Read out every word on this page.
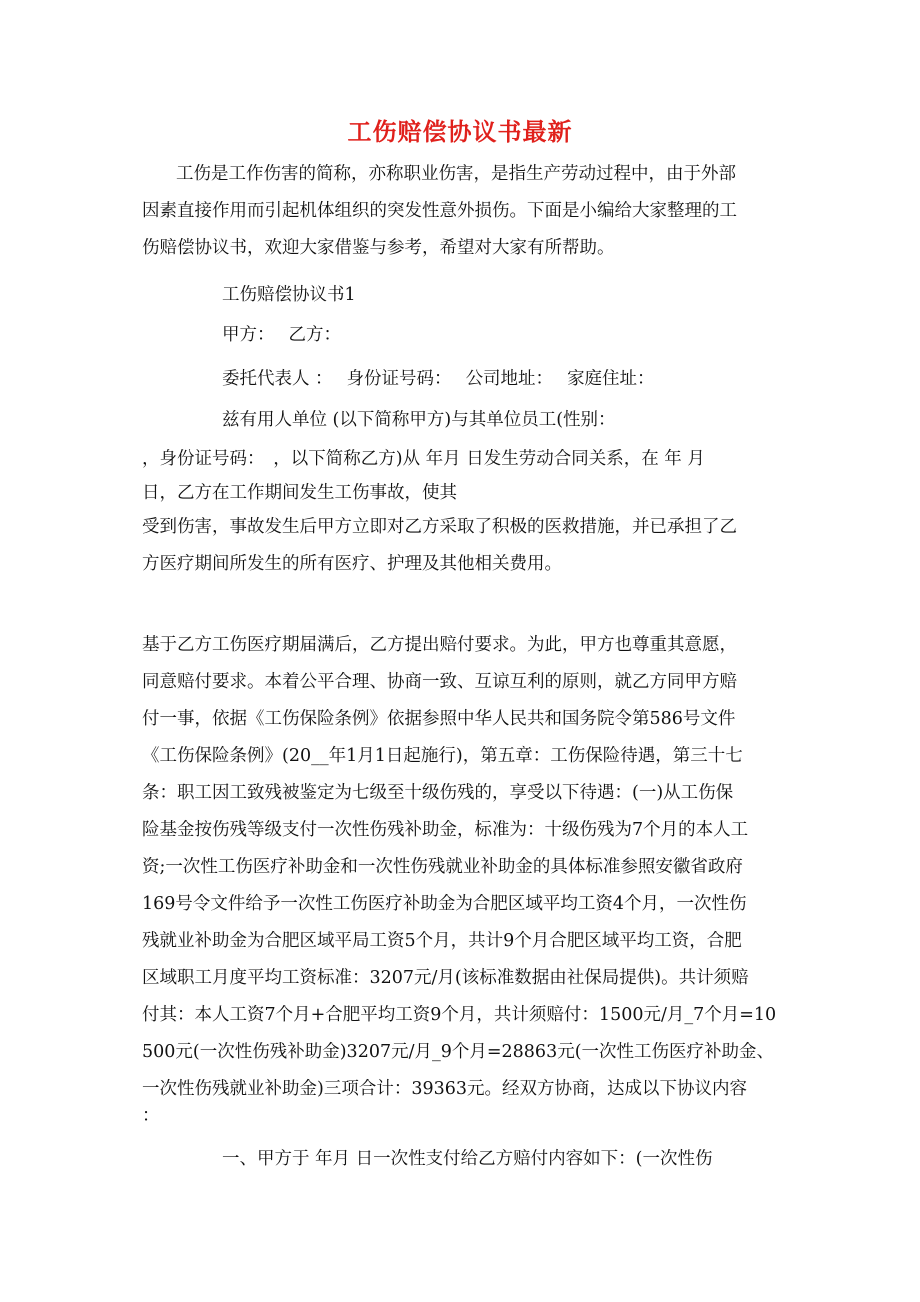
工伤赔偿协议书最新

工伤是工作伤害的简称，亦称职业伤害，是指生产劳动过程中，由于外部

因素直接作用而引起机体组织的突发性意外损伤。下面是小编给大家整理的工

伤赔偿协议书，欢迎大家借鉴与参考，希望对大家有所帮助。

工伤赔偿协议书1

甲方： 乙方：

委托代表人 ： 身份证号码： 公司地址： 家庭住址：

兹有用人单位 (以下简称甲方)与其单位员工(性别：

，身份证号码：　，以下简称乙方)从 年月 日发生劳动合同关系，在 年 月

日，乙方在工作期间发生工伤事故，使其

受到伤害，事故发生后甲方立即对乙方采取了积极的医救措施，并已承担了乙

方医疗期间所发生的所有医疗、护理及其他相关费用。

基于乙方工伤医疗期届满后，乙方提出赔付要求。为此，甲方也尊重其意愿，

同意赔付要求。本着公平合理、协商一致、互谅互利的原则，就乙方同甲方赔

付一事，依据《工伤保险条例》依据参照中华人民共和国务院令第586号文件

《工伤保险条例》(20__年1月1日起施行)，第五章：工伤保险待遇，第三十七

条：职工因工致残被鉴定为七级至十级伤残的，享受以下待遇：(一)从工伤保

险基金按伤残等级支付一次性伤残补助金，标准为：十级伤残为7个月的本人工

资;一次性工伤医疗补助金和一次性伤残就业补助金的具体标准参照安徽省政府

169号令文件给予一次性工伤医疗补助金为合肥区域平均工资4个月，一次性伤

残就业补助金为合肥区域平局工资5个月，共计9个月合肥区域平均工资，合肥

区域职工月度平均工资标准：3207元/月(该标准数据由社保局提供)。共计须赔

付其：本人工资7个月+合肥平均工资9个月，共计须赔付：1500元/月_7个月=10

500元(一次性伤残补助金)3207元/月_9个月=28863元(一次性工伤医疗补助金、

一次性伤残就业补助金)三项合计：39363元。经双方协商，达成以下协议内容

：

一、甲方于 年月 日一次性支付给乙方赔付内容如下：(一次性伤
